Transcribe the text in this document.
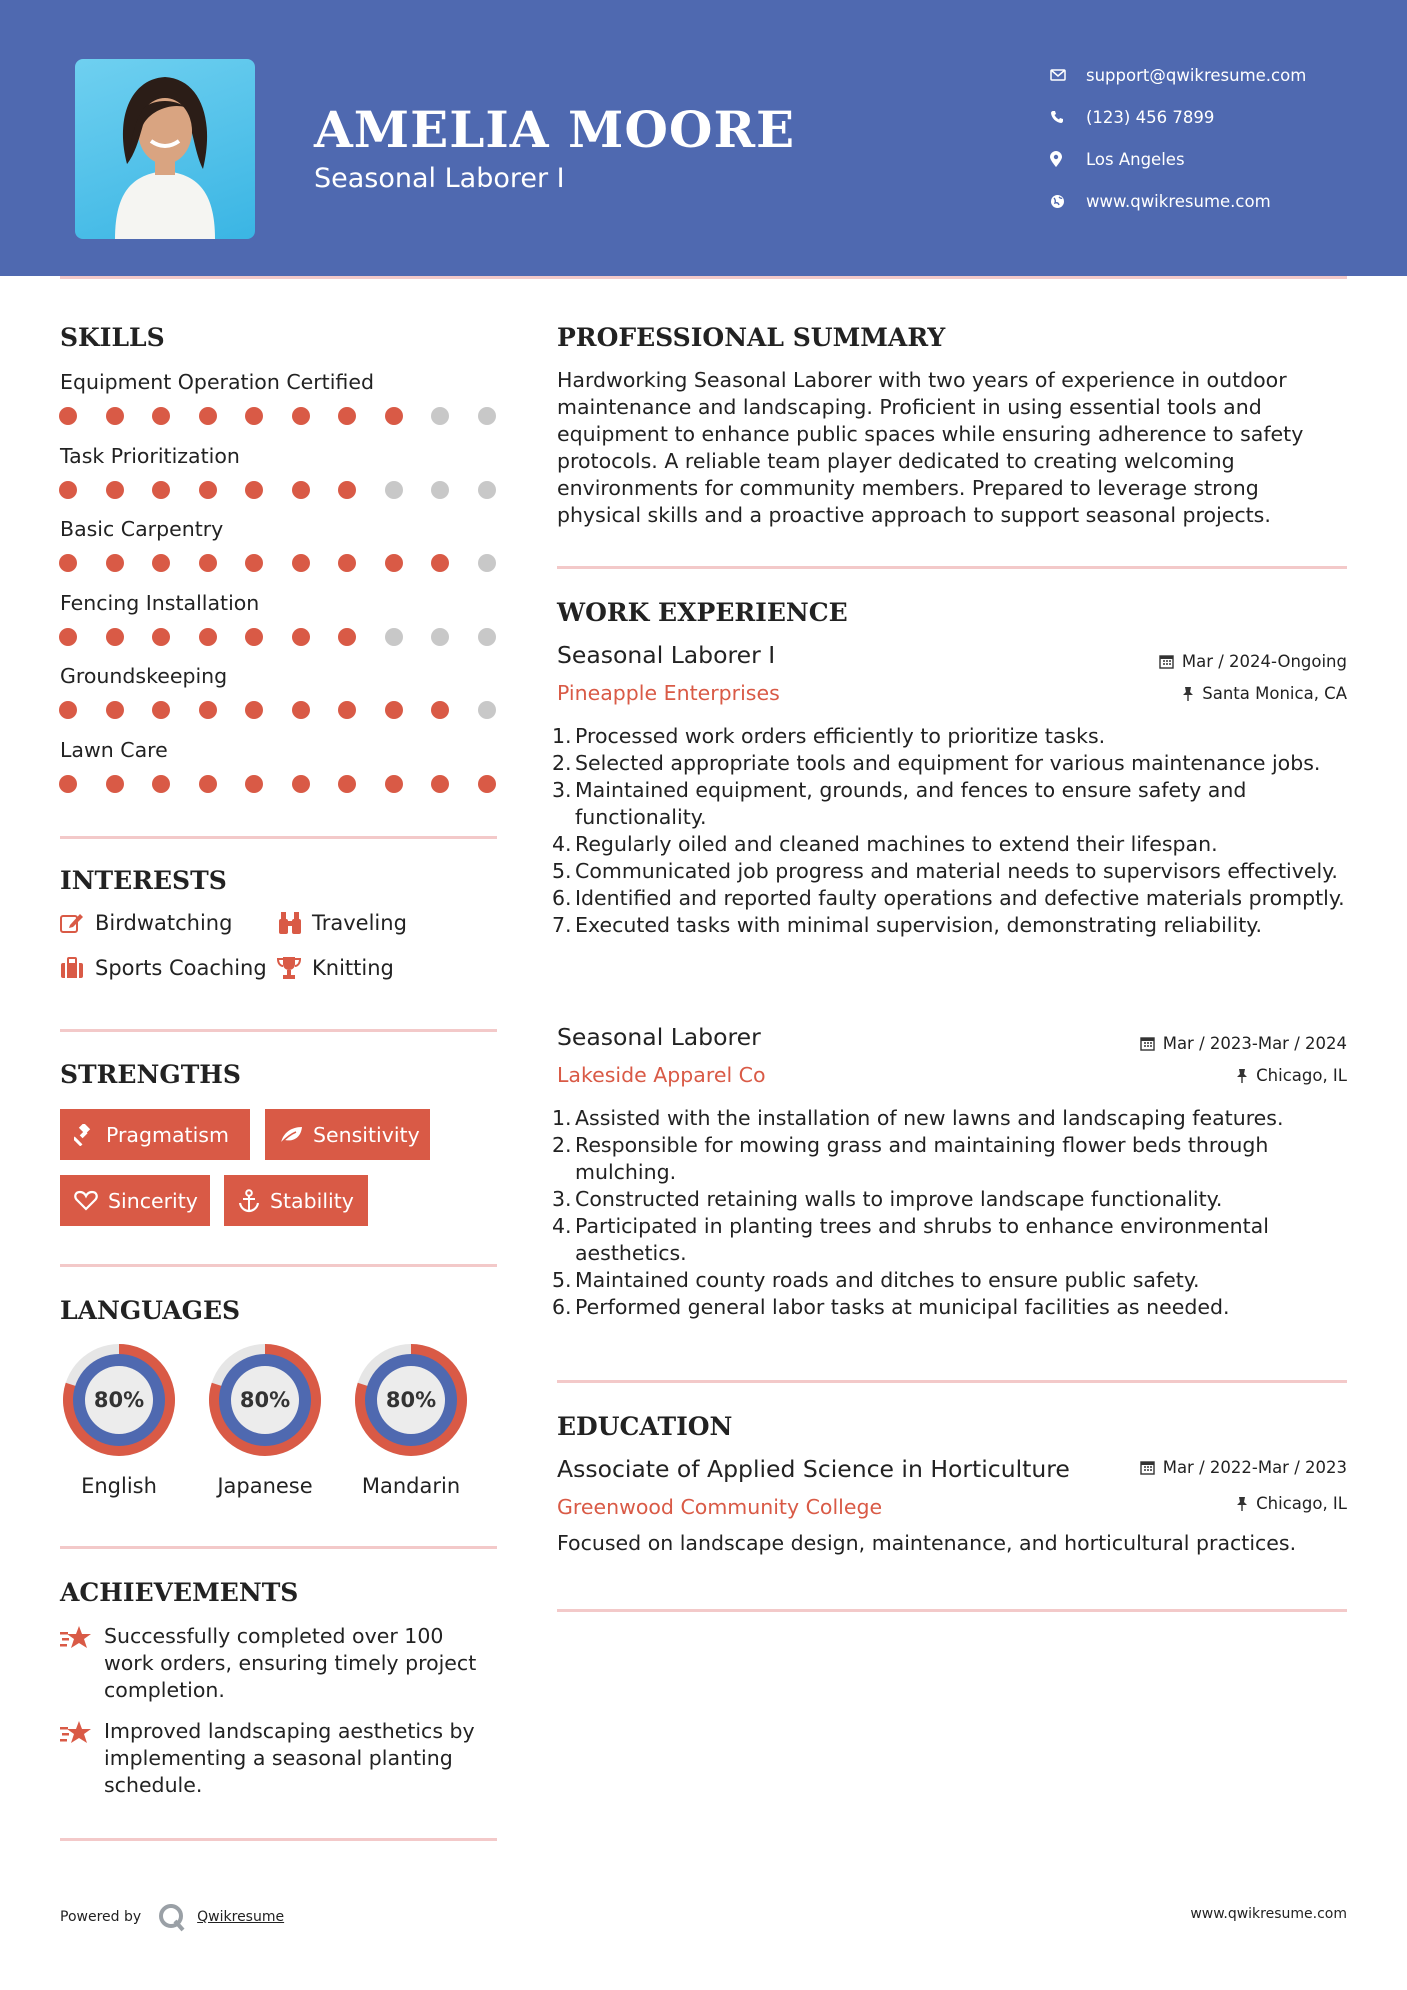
AMELIA MOORE
Seasonal Laborer I
support@qwikresume.com
(123) 456 7899
Los Angeles
www.qwikresume.com
SKILLS
Equipment Operation Certified
Task Prioritization
Basic Carpentry
Fencing Installation
Groundskeeping
Lawn Care
INTERESTS
Birdwatching	Traveling
Sports Coaching Knitting
STRENGTHS
Pragmatism	Sensitivity
Sincerity	Stability
LANGUAGES
80%
English
80%
Japanese
80%
Mandarin
ACHIEVEMENTS
Successfully completed over 100 work orders, ensuring timely project completion.
Improved landscaping aesthetics by implementing a seasonal planting schedule.
PROFESSIONAL SUMMARY
Hardworking Seasonal Laborer with two years of experience in outdoor maintenance and landscaping. Proficient in using essential tools and equipment to enhance public spaces while ensuring adherence to safety protocols. A reliable team player dedicated to creating welcoming environments for community members. Prepared to leverage strong physical skills and a proactive approach to support seasonal projects.
WORK EXPERIENCE
Seasonal Laborer I	Mar / 2024-Ongoing
Pineapple Enterprises	Santa Monica, CA
1. Processed work orders efficiently to prioritize tasks.
2. Selected appropriate tools and equipment for various maintenance jobs.
3. Maintained equipment, grounds, and fences to ensure safety and functionality.
4. Regularly oiled and cleaned machines to extend their lifespan.
5. Communicated job progress and material needs to supervisors effectively.
6. Identified and reported faulty operations and defective materials promptly.
7. Executed tasks with minimal supervision, demonstrating reliability.
Seasonal Laborer	Mar / 2023-Mar / 2024
Lakeside Apparel Co	Chicago, IL
1. Assisted with the installation of new lawns and landscaping features.
2. Responsible for mowing grass and maintaining flower beds through mulching.
3. Constructed retaining walls to improve landscape functionality.
4. Participated in planting trees and shrubs to enhance environmental aesthetics.
5. Maintained county roads and ditches to ensure public safety.
6. Performed general labor tasks at municipal facilities as needed.
EDUCATION
Associate of Applied Science in Horticulture	Mar / 2022-Mar / 2023
Greenwood Community College	Chicago, IL
Focused on landscape design, maintenance, and horticultural practices.
Powered by	Qwikresume	www.qwikresume.com
